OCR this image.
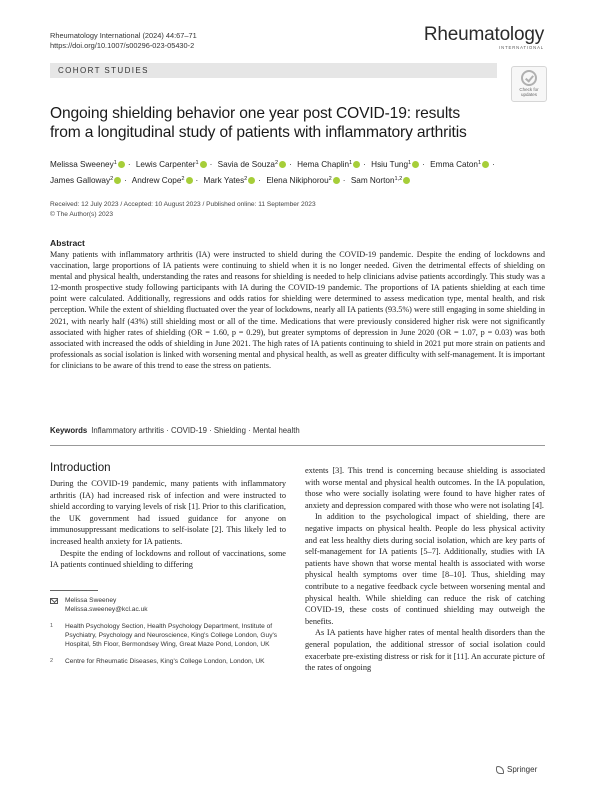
Rheumatology International (2024) 44:67–71
https://doi.org/10.1007/s00296-023-05430-2
Rheumatology
INTERNATIONAL
COHORT STUDIES
Check for
updates
Ongoing shielding behavior one year post COVID-19: results
from a longitudinal study of patients with inflammatory arthritis
Melissa Sweeney$^1$ · Lewis Carpenter$^1$ · Savia de Souza$^2$ · Hema Chaplin$^1$ · Hsiu Tung$^1$ · Emma Caton$^1$ ·
James Galloway$^2$ · Andrew Cope$^2$ · Mark Yates$^2$ · Elena Nikiphorou$^2$ · Sam Norton$^{1,2}$
Received: 12 July 2023 / Accepted: 10 August 2023 / Published online: 11 September 2023
© The Author(s) 2023
Abstract
Many patients with inflammatory arthritis (IA) were instructed to shield during the COVID-19 pandemic. Despite the ending of lockdowns and vaccination, large proportions of IA patients were continuing to shield when it is no longer needed. Given the detrimental effects of shielding on mental and physical health, understanding the rates and reasons for shielding is needed to help clinicians advise patients accordingly. This study was a 12-month prospective study following participants with IA during the COVID-19 pandemic. The proportions of IA patients shielding at each time point were calculated. Additionally, regressions and odds ratios for shielding were determined to assess medication type, mental health, and risk perception. While the extent of shielding fluctuated over the year of lockdowns, nearly all IA patients (93.5%) were still engaging in some shielding in 2021, with nearly half (43%) still shielding most or all of the time. Medications that were previously considered higher risk were not significantly associated with higher rates of shielding (OR = 1.60, p = 0.29), but greater symptoms of depression in June 2020 (OR = 1.07, p = 0.03) was both associated with increased the odds of shielding in June 2021. The high rates of IA patients continuing to shield in 2021 put more strain on patients and professionals as social isolation is linked with worsening mental and physical health, as well as greater difficulty with self-management. It is important for clinicians to be aware of this trend to ease the stress on patients.
Keywords Inflammatory arthritis · COVID-19 · Shielding · Mental health
Introduction

During the COVID-19 pandemic, many patients with inflammatory arthritis (IA) had increased risk of infection and were instructed to shield according to varying levels of risk [1]. Prior to this clarification, the UK government had issued guidance for anyone on immunosuppressant medications to self-isolate [2]. This likely led to increased health anxiety for IA patients.

Despite the ending of lockdowns and rollout of vaccinations, some IA patients continued shielding to differing

extents [3]. This trend is concerning because shielding is associated with worse mental and physical health outcomes. In the IA population, those who were socially isolating were found to have higher rates of anxiety and depression compared with those who were not isolating [4].

In addition to the psychological impact of shielding, there are negative impacts on physical health. People do less physical activity and eat less healthy diets during social isolation, which are key parts of self-management for IA patients [5–7]. Additionally, studies with IA patients have shown that worse mental health is associated with worse physical health symptoms over time [8–10]. Thus, shielding may contribute to a negative feedback cycle between worsening mental and physical health. While shielding can reduce the risk of catching COVID-19, these costs of continued shielding may outweigh the benefits.

As IA patients have higher rates of mental health disorders than the general population, the additional stressor of social isolation could exacerbate pre-existing distress or risk for it [11]. An accurate picture of the rates of ongoing

Melissa Sweeney
Melissa.sweeney@kcl.ac.uk
$^1$	Health Psychology Section, Health Psychology Department, Institute of Psychiatry, Psychology and Neuroscience, King's College London, Guy's Hospital, 5th Floor, Bermondsey Wing, Great Maze Pond, London, UK
$^2$	Centre for Rheumatic Diseases, King's College London, London, UK
Springer
